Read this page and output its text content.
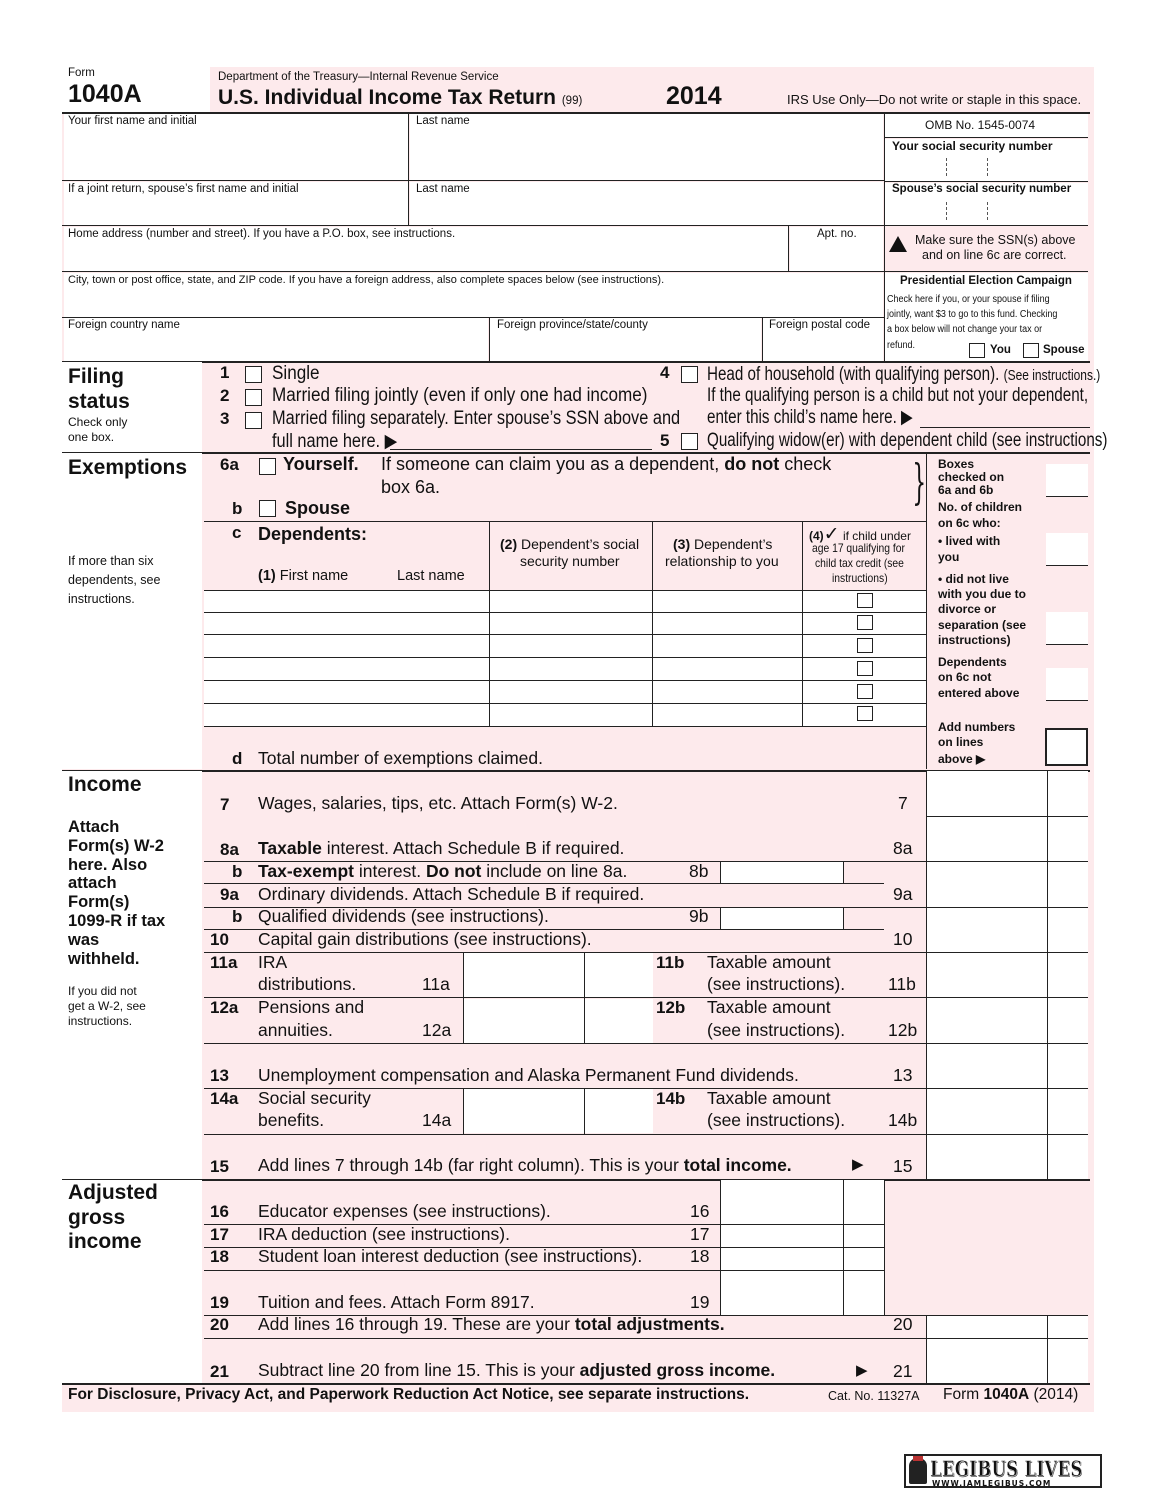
Form
1040A
Department of the Treasury—Internal Revenue Service
U.S. Individual Income Tax Return (99)	2014	IRS Use Only—Do not write or staple in this space.
Your first name and initial	Last name	OMB No. 1545-0074
Your social security number
If a joint return, spouse’s first name and initial	Last name	Spouse’s social security number
Home address (number and street). If you have a P.O. box, see instructions.	Apt. no.	Make sure the SSN(s) above
and on line 6c are correct.
City, town or post office, state, and ZIP code. If you have a foreign address, also complete spaces below (see instructions).
Foreign country name	Foreign province/state/county	Foreign postal code
Presidential Election Campaign
Check here if you, or your spouse if filing
jointly, want $3 to go to this fund. Checking
a box below will not change your tax or
refund.	You	Spouse
Filing
status
Check only
one box.
1 Single
2 Married filing jointly (even if only one had income)
3 Married filing separately. Enter spouse’s SSN above and
full name here. ▶
4 Head of household (with qualifying person). (See instructions.)
If the qualifying person is a child but not your dependent,
enter this child’s name here. ▶
5 Qualifying widow(er) with dependent child (see instructions)
Exemptions
If more than six
dependents, see
instructions.
6a Yourself. If someone can claim you as a dependent, do not check
box 6a.	}
b Spouse
c Dependents:
(1) First name	Last name
(2) Dependent’s social
security number
(3) Dependent’s
relationship to you
(4)✓ if child under
age 17 qualifying for
child tax credit (see
instructions)
d Total number of exemptions claimed.
Boxes
checked on
6a and 6b
No. of children
on 6c who:
• lived with
you
• did not live
with you due to
divorce or
separation (see
instructions)
Dependents
on 6c not
entered above
Add numbers
on lines
above ▶
Income
Attach
Form(s) W-2
here. Also
attach
Form(s)
1099-R if tax
was
withheld.
If you did not
get a W-2, see
instructions.
7 Wages, salaries, tips, etc. Attach Form(s) W-2.	7
8a Taxable interest. Attach Schedule B if required.	8a
b Tax-exempt interest. Do not include on line 8a.	8b
9a Ordinary dividends. Attach Schedule B if required.	9a
b Qualified dividends (see instructions).	9b
10 Capital gain distributions (see instructions).	10
11a IRA
distributions.	11a
11b Taxable amount
(see instructions). 11b
12a Pensions and
annuities.	12a
12b Taxable amount
(see instructions). 12b
13 Unemployment compensation and Alaska Permanent Fund dividends.	13
14a Social security
benefits.	14a
14b Taxable amount
(see instructions). 14b
15 Add lines 7 through 14b (far right column). This is your total income.	▶ 15
Adjusted
gross
income
16 Educator expenses (see instructions).	16
17 IRA deduction (see instructions).	17
18 Student loan interest deduction (see instructions).	18
19 Tuition and fees. Attach Form 8917.	19
20 Add lines 16 through 19. These are your total adjustments.	20
21 Subtract line 20 from line 15. This is your adjusted gross income.	▶ 21
For Disclosure, Privacy Act, and Paperwork Reduction Act Notice, see separate instructions.	Cat. No. 11327A Form 1040A (2014)
LEGIBUS LIVES
WWW.IAMLEGIBUS.COM
